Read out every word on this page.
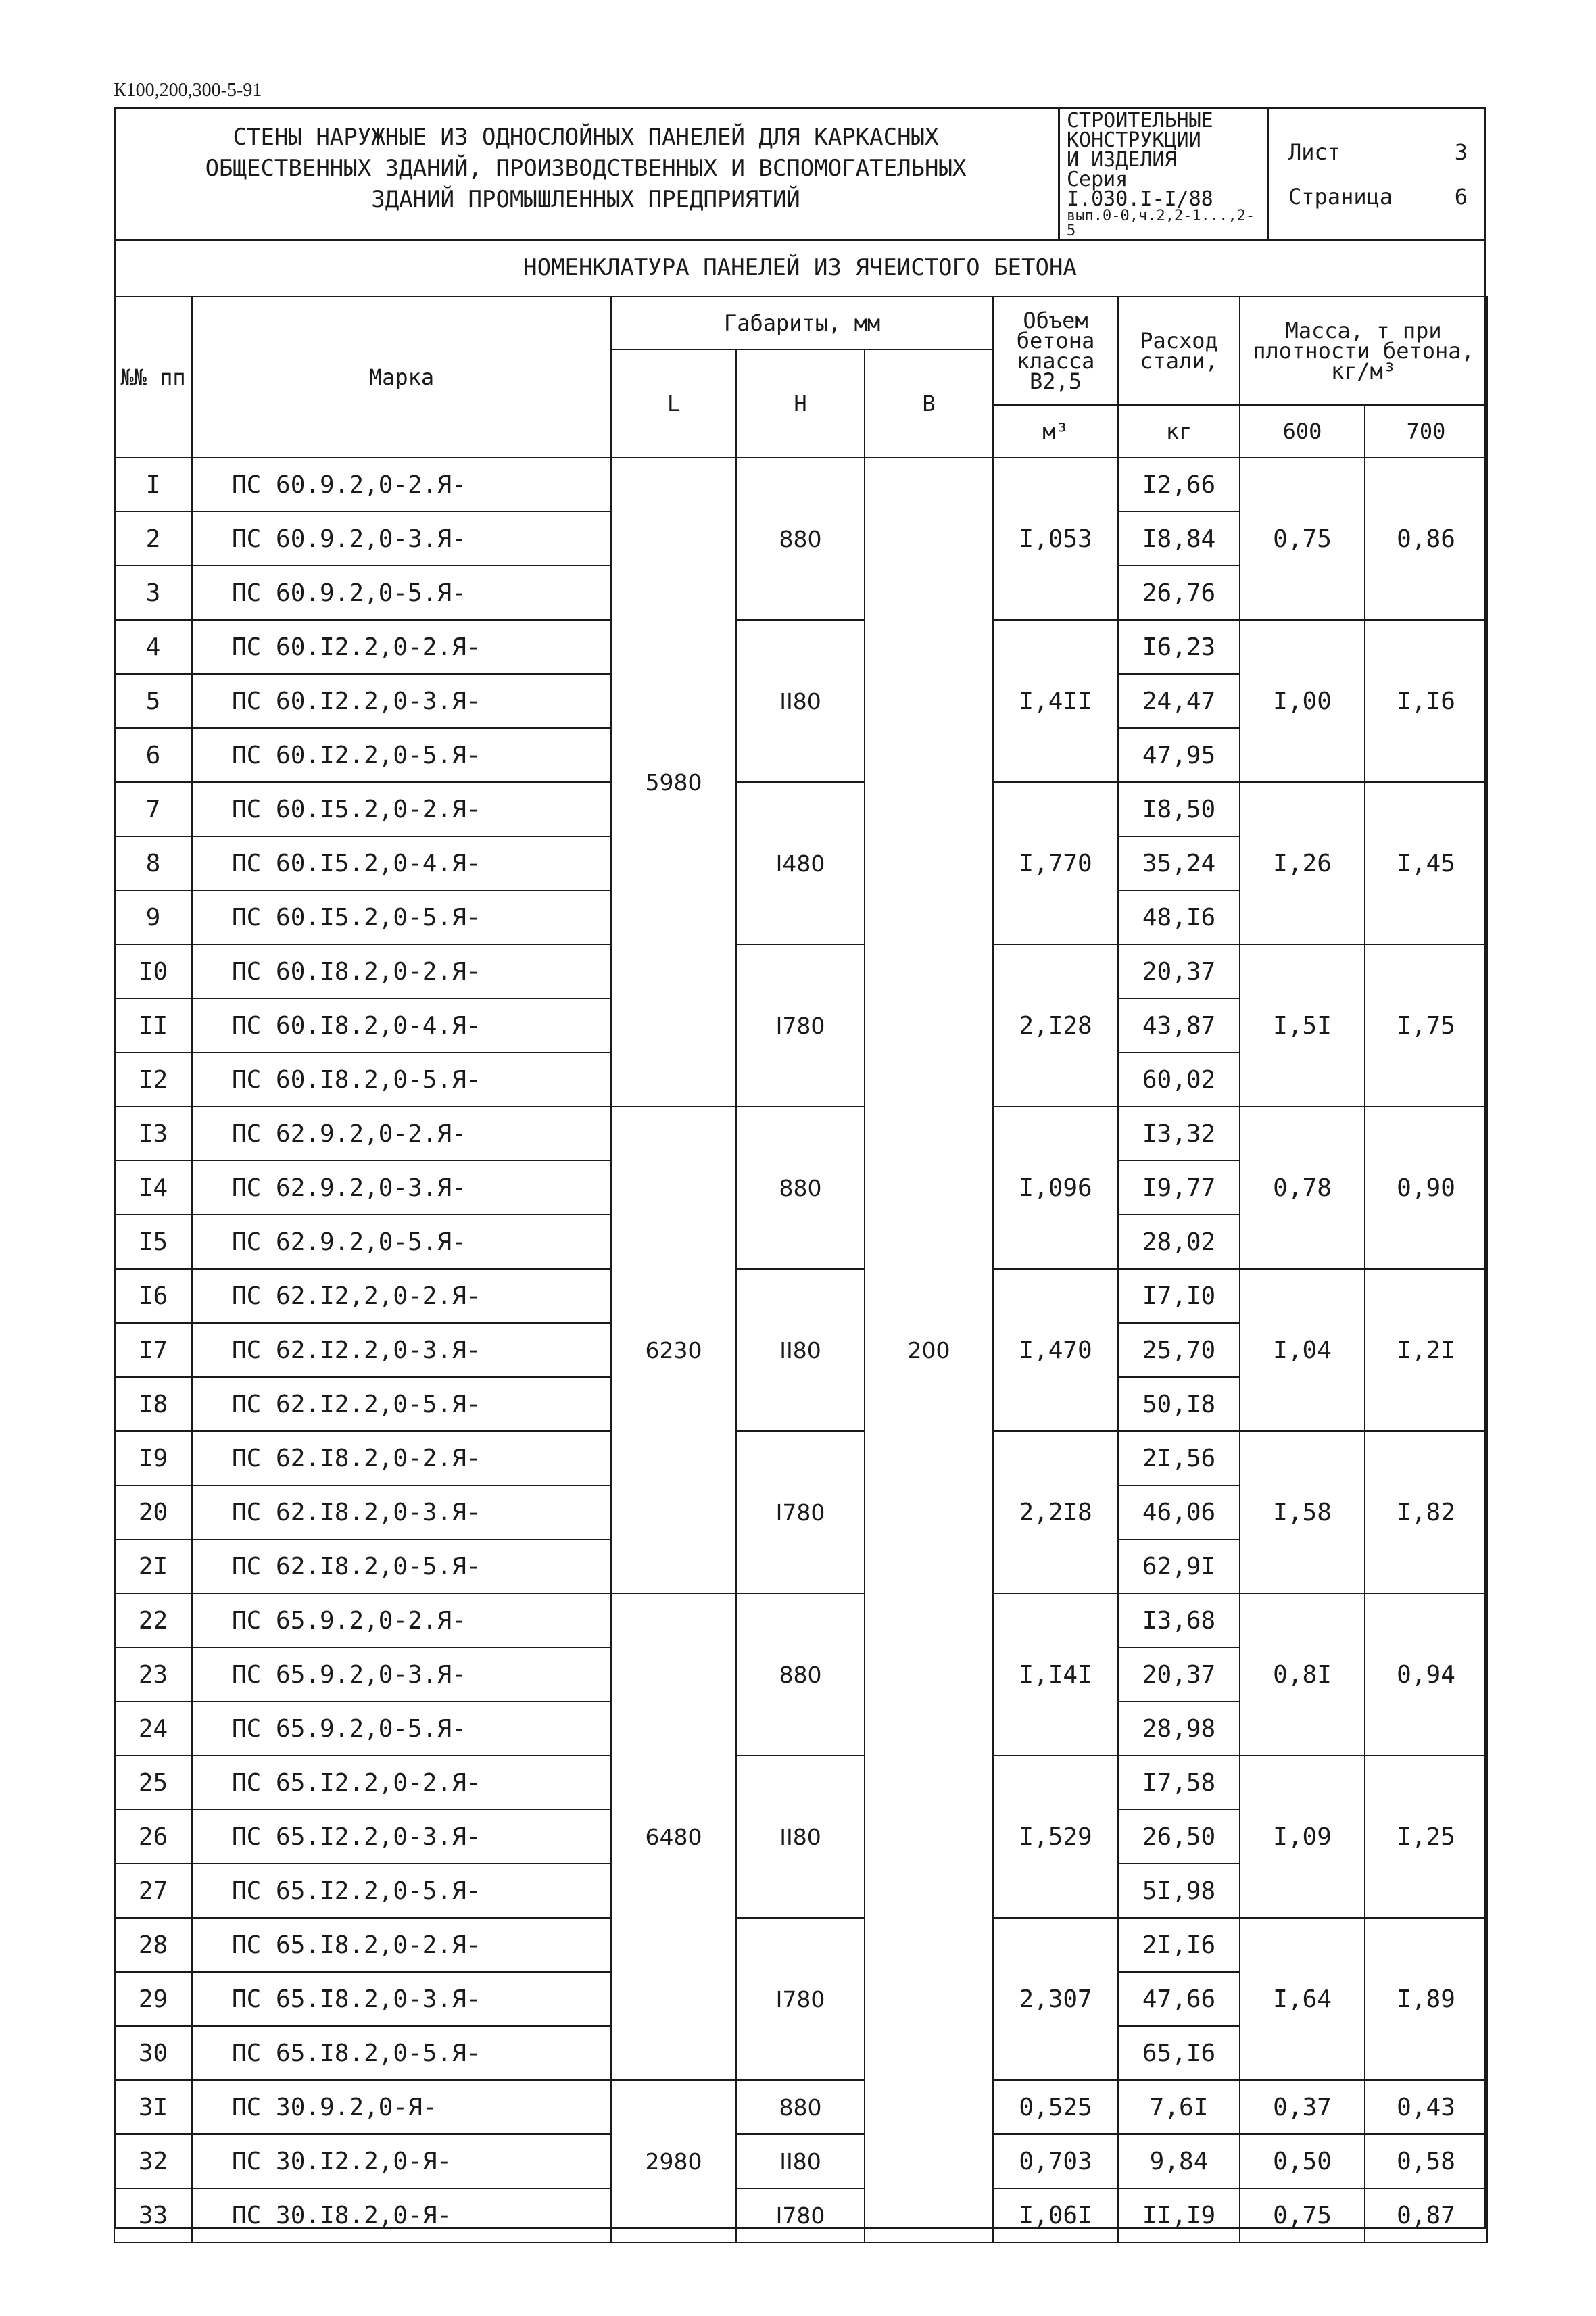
К100,200,300-5-91
СТЕНЫ НАРУЖНЫЕ ИЗ ОДНОСЛОЙНЫХ ПАНЕЛЕЙ ДЛЯ КАРКАСНЫХ
ОБЩЕСТВЕННЫХ ЗДАНИЙ, ПРОИЗВОДСТВЕННЫХ И ВСПОМОГАТЕЛЬНЫХ
ЗДАНИЙ ПРОМЫШЛЕННЫХ ПРЕДПРИЯТИЙ
СТРОИТЕЛЬНЫЕ
КОНСТРУКЦИИ
И ИЗДЕЛИЯ
Серия
I.030.I-I/88
вып.0-0,ч.2,2-1...,2-5
Лист	3
Страница	6
НОМЕНКЛАТУРА ПАНЕЛЕЙ ИЗ ЯЧЕИСТОГО БЕТОНА
№№ пп	Марка	Габариты, мм			Объем бетона класса B2,5	Расход стали,	Масса, т при плотности бетона, кг/м³	
		L	H	B				
					м³	кг	600	700
I	ПС 60.9.2,0-2.Я-	5980	880	200	I,053	I2,66	0,75	0,86
2	ПС 60.9.2,0-3.Я-					I8,84		
3	ПС 60.9.2,0-5.Я-					26,76		
4	ПС 60.I2.2,0-2.Я-		II80		I,4II	I6,23	I,00	I,I6
5	ПС 60.I2.2,0-3.Я-					24,47		
6	ПС 60.I2.2,0-5.Я-					47,95		
7	ПС 60.I5.2,0-2.Я-		I480		I,770	I8,50	I,26	I,45
8	ПС 60.I5.2,0-4.Я-					35,24		
9	ПС 60.I5.2,0-5.Я-					48,I6		
I0	ПС 60.I8.2,0-2.Я-		I780		2,I28	20,37	I,5I	I,75
II	ПС 60.I8.2,0-4.Я-					43,87		
I2	ПС 60.I8.2,0-5.Я-					60,02		
I3	ПС 62.9.2,0-2.Я-	6230	880		I,096	I3,32	0,78	0,90
I4	ПС 62.9.2,0-3.Я-					I9,77		
I5	ПС 62.9.2,0-5.Я-					28,02		
I6	ПС 62.I2,2,0-2.Я-		II80		I,470	I7,I0	I,04	I,2I
I7	ПС 62.I2.2,0-3.Я-					25,70		
I8	ПС 62.I2.2,0-5.Я-					50,I8		
I9	ПС 62.I8.2,0-2.Я-		I780		2,2I8	2I,56	I,58	I,82
20	ПС 62.I8.2,0-3.Я-					46,06		
2I	ПС 62.I8.2,0-5.Я-					62,9I		
22	ПС 65.9.2,0-2.Я-	6480	880		I,I4I	I3,68	0,8I	0,94
23	ПС 65.9.2,0-3.Я-					20,37		
24	ПС 65.9.2,0-5.Я-					28,98		
25	ПС 65.I2.2,0-2.Я-		II80		I,529	I7,58	I,09	I,25
26	ПС 65.I2.2,0-3.Я-					26,50		
27	ПС 65.I2.2,0-5.Я-					5I,98		
28	ПС 65.I8.2,0-2.Я-		I780		2,307	2I,I6	I,64	I,89
29	ПС 65.I8.2,0-3.Я-					47,66		
30	ПС 65.I8.2,0-5.Я-					65,I6		
3I	ПС 30.9.2,0-Я-	2980	880		0,525	7,6I	0,37	0,43
32	ПС 30.I2.2,0-Я-		II80		0,703	9,84	0,50	0,58
33	ПС 30.I8.2,0-Я-		I780		I,06I	II,I9	0,75	0,87
